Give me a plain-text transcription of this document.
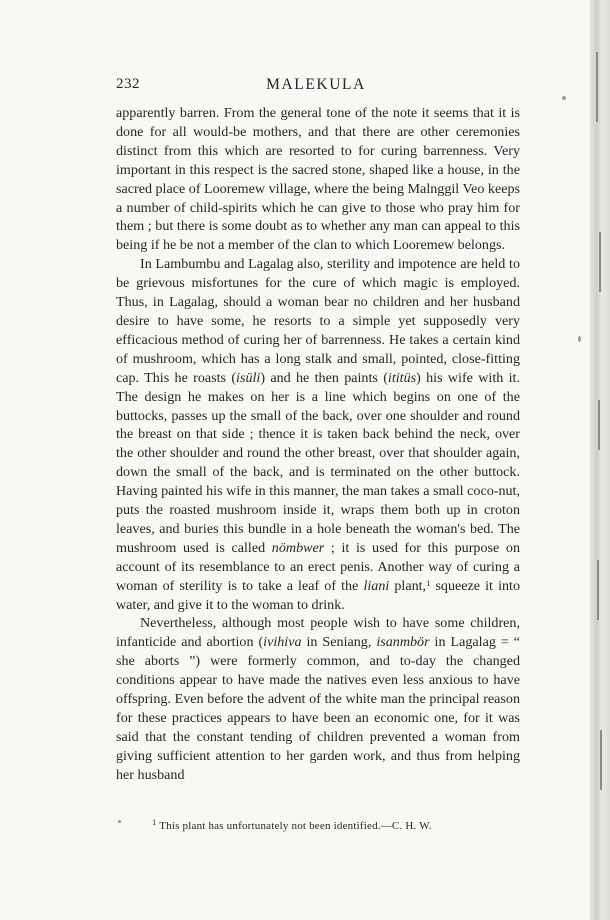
232	MALEKULA

apparently barren. From the general tone of the note it seems that it is done for all would-be mothers, and that there are other ceremonies distinct from this which are resorted to for curing barrenness. Very important in this respect is the sacred stone, shaped like a house, in the sacred place of Looremew village, where the being Malnggil Veo keeps a number of child-spirits which he can give to those who pray him for them ; but there is some doubt as to whether any man can appeal to this being if he be not a member of the clan to which Looremew belongs.

In Lambumbu and Lagalag also, sterility and impotence are held to be grievous misfortunes for the cure of which magic is employed. Thus, in Lagalag, should a woman bear no children and her husband desire to have some, he resorts to a simple yet supposedly very efficacious method of curing her of barrenness. He takes a certain kind of mushroom, which has a long stalk and small, pointed, close-fitting cap. This he roasts (isüli) and he then paints (ititüs) his wife with it. The design he makes on her is a line which begins on one of the buttocks, passes up the small of the back, over one shoulder and round the breast on that side ; thence it is taken back behind the neck, over the other shoulder and round the other breast, over that shoulder again, down the small of the back, and is terminated on the other buttock. Having painted his wife in this manner, the man takes a small coco-nut, puts the roasted mushroom inside it, wraps them both up in croton leaves, and buries this bundle in a hole beneath the woman's bed. The mushroom used is called nömbwer ; it is used for this purpose on account of its resemblance to an erect penis. Another way of curing a woman of sterility is to take a leaf of the liani plant,$^1$ squeeze it into water, and give it to the woman to drink.

Nevertheless, although most people wish to have some children, infanticide and abortion (ivihiva in Seniang, isanmbör in Lagalag = “ she aborts ”) were formerly common, and to-day the changed conditions appear to have made the natives even less anxious to have offspring. Even before the advent of the white man the principal reason for these practices appears to have been an economic one, for it was said that the constant tending of children prevented a woman from giving sufficient attention to her garden work, and thus from helping her husband

$^1$ This plant has unfortunately not been identified.—C. H. W.
